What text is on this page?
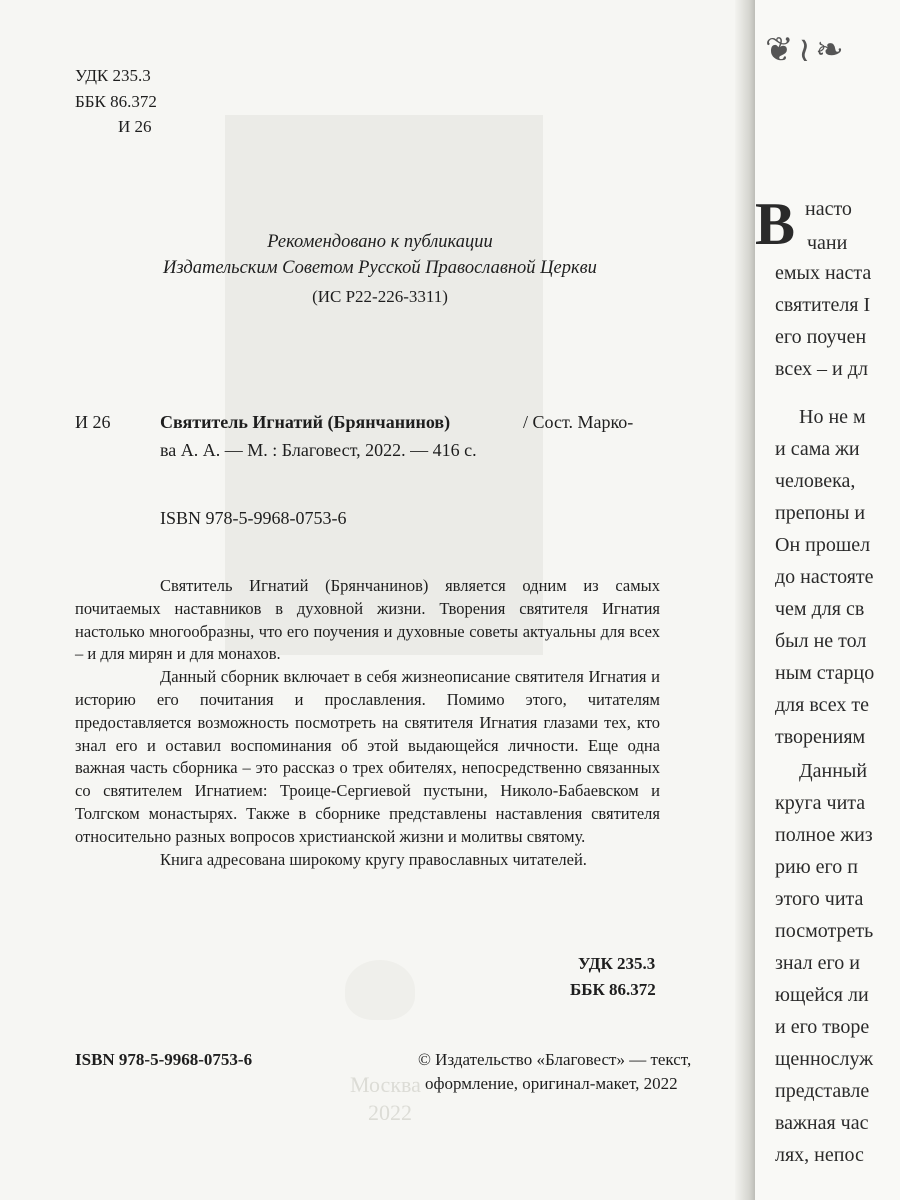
Москва
2022
УДК 235.3
ББК 86.372
И 26
Рекомендовано к публикации
Издательским Советом Русской Православной Церкви
(ИС Р22-226-3311)
И 26	Святитель Игнатий (Брянчанинов)	/ Сост. Марко-
ва А. А. — М. : Благовест, 2022. — 416 с.
ISBN 978-5-9968-0753-6

Святитель Игнатий (Брянчанинов) является одним из самых почитаемых наставников в духовной жизни. Творения святителя Игнатия настолько многообразны, что его поучения и духовные советы актуальны для всех – и для мирян и для монахов.

Данный сборник включает в себя жизнеописание святителя Игнатия и историю его почитания и прославления. Помимо этого, читателям предоставляется возможность посмотреть на святителя Игнатия глазами тех, кто знал его и оставил воспоминания об этой выдающейся личности. Еще одна важная часть сборника – это рассказ о трех обителях, непосредственно связанных со святителем Игнатием: Троице-Сергиевой пустыни, Николо-Бабаевском и Толгском монастырях. Также в сборнике представлены наставления святителя относительно разных вопросов христианской жизни и молитвы святому.

Книга адресована широкому кругу православных читателей.

УДК 235.3
ББК 86.372
ISBN 978-5-9968-0753-6	© Издательство «Благовест» — текст,
оформление, оригинал-макет, 2022
❦ ≀ ❧
В насто
чани
емых наста
святителя І
его поучен
всех – и дл
Но не м
и сама жи
человека,
препоны и
Он прошел
до настояте
чем для св
был не тол
ным старцо
для всех те
творениям
Данный
круга чита
полное жиз
рию его п
этого чита
посмотреть
знал его и
ющейся ли
и его творе
щенноcлуж
представле
важная час
лях, непос
